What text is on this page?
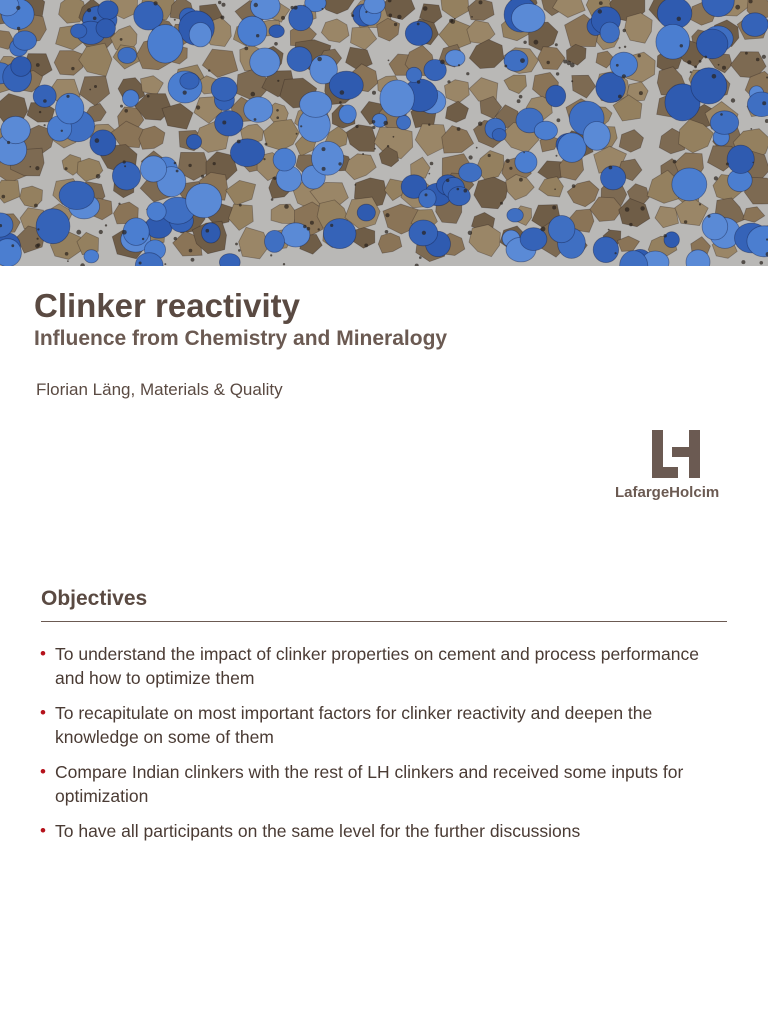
Clinker reactivity
Influence from Chemistry and Mineralogy

Florian Läng, Materials & Quality

LafargeHolcim
Objectives
• To understand the impact of clinker properties on cement and process performance and how to optimize them
• To recapitulate on most important factors for clinker reactivity and deepen the knowledge on some of them
• Compare Indian clinkers with the rest of LH clinkers and received some inputs for optimization
• To have all participants on the same level for the further discussions
